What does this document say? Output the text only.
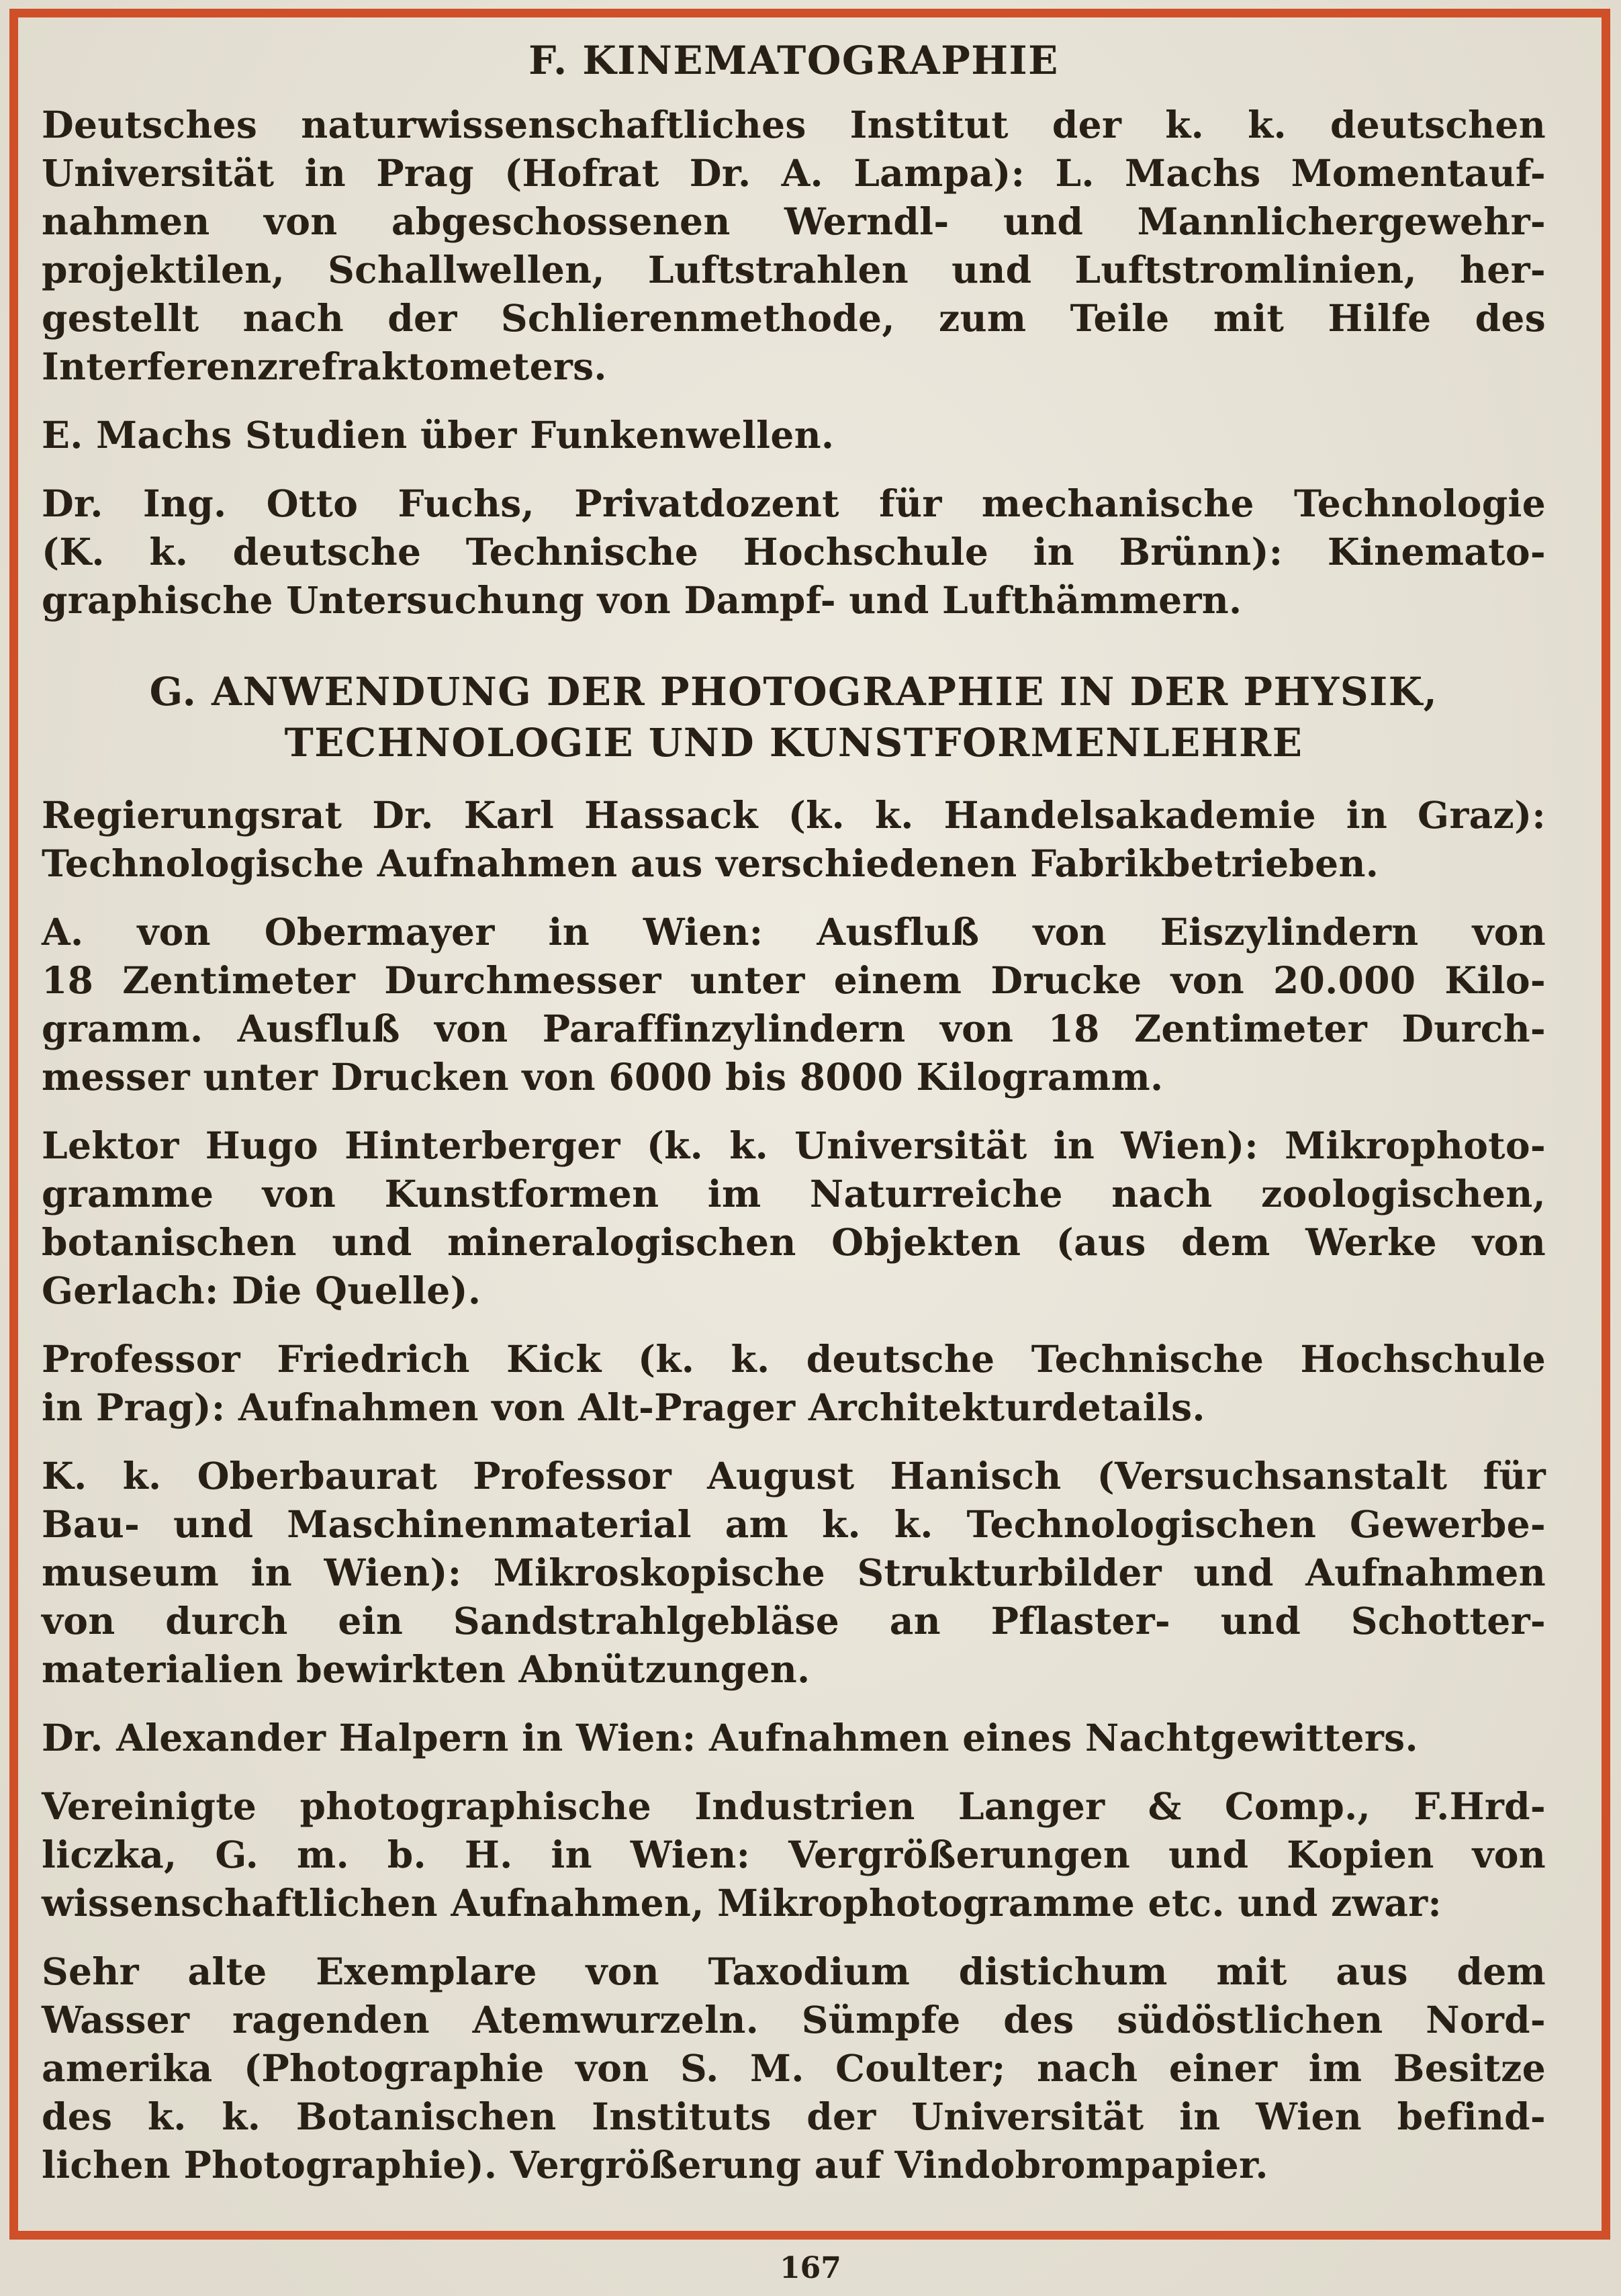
F. KINEMATOGRAPHIE

Deutsches naturwissenschaftliches Institut der k. k. deutschen
Universität in Prag (Hofrat Dr. A. Lampa): L. Machs Momentauf-
nahmen von abgeschossenen Werndl- und Mannlichergewehr-
projektilen, Schallwellen, Luftstrahlen und Luftstromlinien, her-
gestellt nach der Schlierenmethode, zum Teile mit Hilfe des
Interferenzrefraktometers.

E. Machs Studien über Funkenwellen.

Dr. Ing. Otto Fuchs, Privatdozent für mechanische Technologie
(K. k. deutsche Technische Hochschule in Brünn): Kinemato-
graphische Untersuchung von Dampf- und Lufthämmern.

G. ANWENDUNG DER PHOTOGRAPHIE IN DER PHYSIK,
TECHNOLOGIE UND KUNSTFORMENLEHRE

Regierungsrat Dr. Karl Hassack (k. k. Handelsakademie in Graz):
Technologische Aufnahmen aus verschiedenen Fabrikbetrieben.

A. von Obermayer in Wien: Ausfluß von Eiszylindern von
18 Zentimeter Durchmesser unter einem Drucke von 20.000 Kilo-
gramm. Ausfluß von Paraffinzylindern von 18 Zentimeter Durch-
messer unter Drucken von 6000 bis 8000 Kilogramm.

Lektor Hugo Hinterberger (k. k. Universität in Wien): Mikrophoto-
gramme von Kunstformen im Naturreiche nach zoologischen,
botanischen und mineralogischen Objekten (aus dem Werke von
Gerlach: Die Quelle).

Professor Friedrich Kick (k. k. deutsche Technische Hochschule
in Prag): Aufnahmen von Alt-Prager Architekturdetails.

K. k. Oberbaurat Professor August Hanisch (Versuchsanstalt für
Bau- und Maschinenmaterial am k. k. Technologischen Gewerbe-
museum in Wien): Mikroskopische Strukturbilder und Aufnahmen
von durch ein Sandstrahlgebläse an Pflaster- und Schotter-
materialien bewirkten Abnützungen.

Dr. Alexander Halpern in Wien: Aufnahmen eines Nachtgewitters.

Vereinigte photographische Industrien Langer & Comp., F.Hrd-
liczka, G. m. b. H. in Wien: Vergrößerungen und Kopien von
wissenschaftlichen Aufnahmen, Mikrophotogramme etc. und zwar:

Sehr alte Exemplare von Taxodium distichum mit aus dem
Wasser ragenden Atemwurzeln. Sümpfe des südöstlichen Nord-
amerika (Photographie von S. M. Coulter; nach einer im Besitze
des k. k. Botanischen Instituts der Universität in Wien befind-
lichen Photographie). Vergrößerung auf Vindobrompapier.

167
